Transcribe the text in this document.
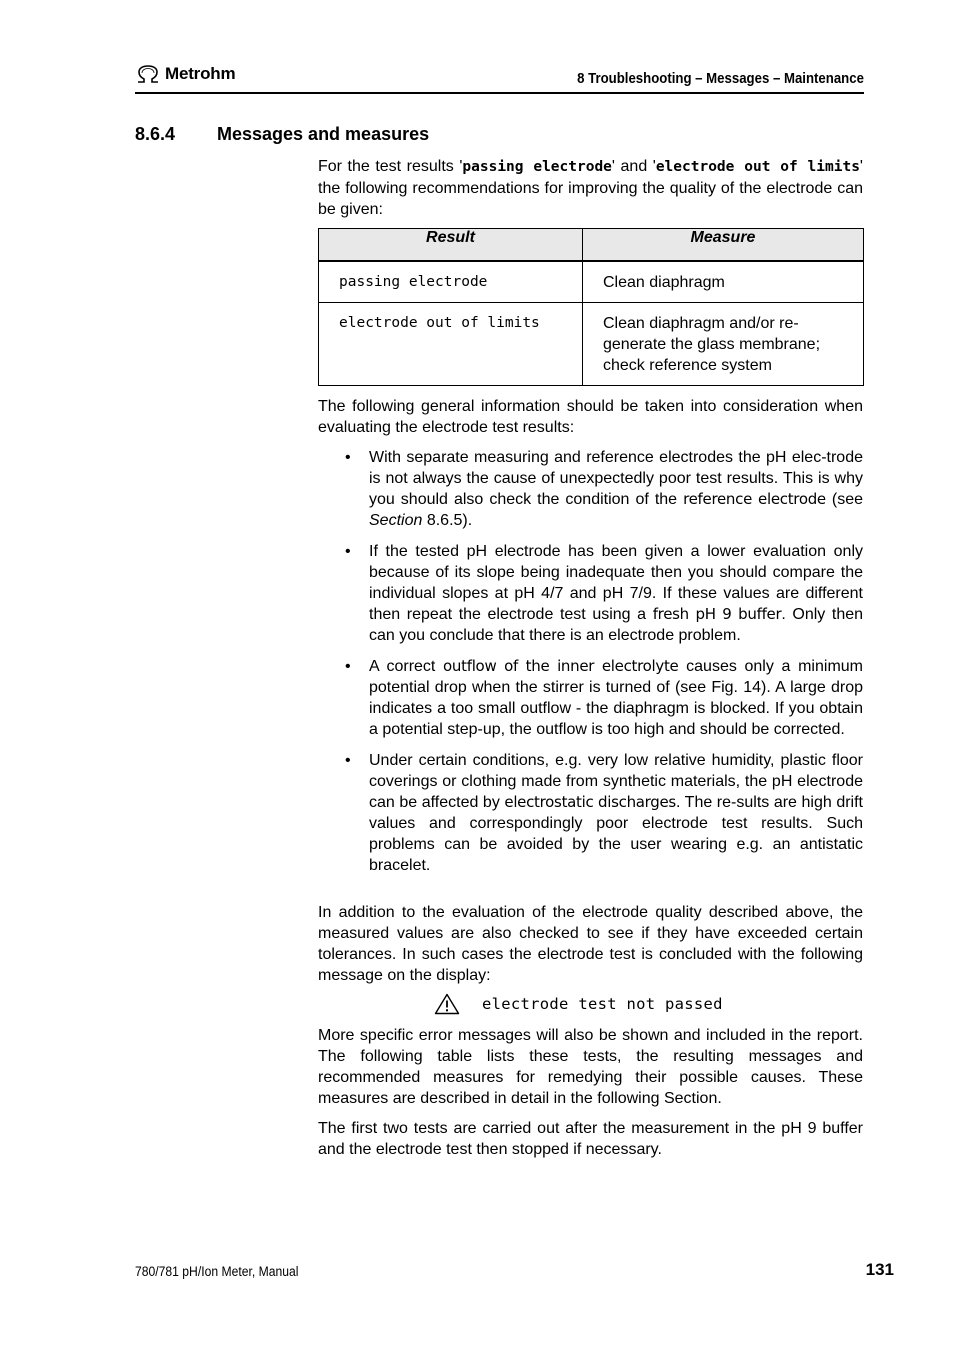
Metrohm	8 Troubleshooting – Messages – Maintenance
8.6.4 Messages and measures

For the test results 'passing electrode' and 'electrode out of limits' the following recommendations for improving the quality of the electrode can be given:

Result	Measure
passing electrode	Clean diaphragm
electrode out of limits	Clean diaphragm and/or re-generate the glass membrane; check reference system

The following general information should be taken into consideration when evaluating the electrode test results:

• With separate measuring and reference electrodes the pH elec-trode is not always the cause of unexpectedly poor test results. This is why you should also check the condition of the reference electrode (see Section 8.6.5).
• If the tested pH electrode has been given a lower evaluation only because of its slope being inadequate then you should compare the individual slopes at pH 4/7 and pH 7/9. If these values are different then repeat the electrode test using a fresh pH 9 buffer. Only then can you conclude that there is an electrode problem.
• A correct outflow of the inner electrolyte causes only a minimum potential drop when the stirrer is turned of (see Fig. 14). A large drop indicates a too small outflow - the diaphragm is blocked. If you obtain a potential step-up, the outflow is too high and should be corrected.
• Under certain conditions, e.g. very low relative humidity, plastic floor coverings or clothing made from synthetic materials, the pH electrode can be affected by electrostatic discharges. The re-sults are high drift values and correspondingly poor electrode test results. Such problems can be avoided by the user wearing e.g. an antistatic bracelet.

In addition to the evaluation of the electrode quality described above, the measured values are also checked to see if they have exceeded certain tolerances. In such cases the electrode test is concluded with the following message on the display:

electrode test not passed

More specific error messages will also be shown and included in the report. The following table lists these tests, the resulting messages and recommended measures for remedying their possible causes. These measures are described in detail in the following Section.

The first two tests are carried out after the measurement in the pH 9 buffer and the electrode test then stopped if necessary.

780/781 pH/Ion Meter, Manual	131
